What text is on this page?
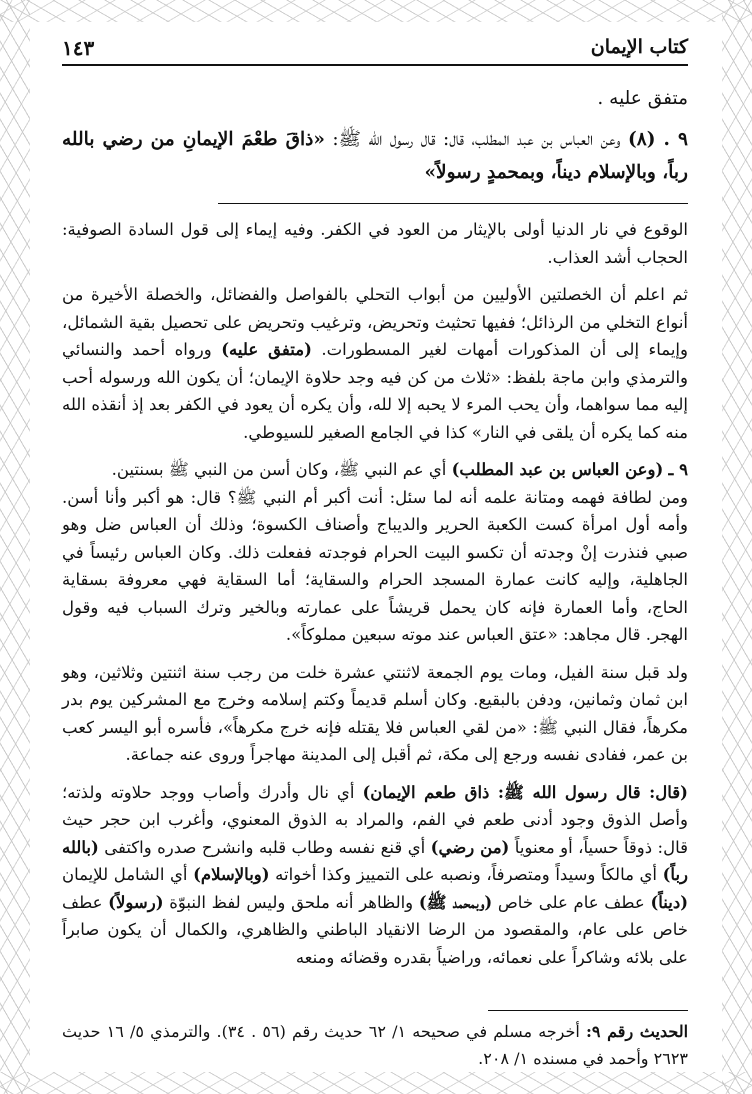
كتاب الإيمان
١٤٣

متفق عليه .

٩ . (٨) وعن العباس بن عبد المطلب، قال: قال رسول الله ﷺ: «ذاقَ طعْمَ الإيمانِ من رضي بالله رباً، وبالإسلام ديناً، وبمحمدٍ رسولاً»

الوقوع في نار الدنيا أولى بالإيثار من العود في الكفر. وفيه إيماء إلى قول السادة الصوفية: الحجاب أشد العذاب.

ثم اعلم أن الخصلتين الأوليين من أبواب التحلي بالفواصل والفضائل، والخصلة الأخيرة من أنواع التخلي من الرذائل؛ ففيها تحثيث وتحريض، وترغيب وتحريض على تحصيل بقية الشمائل، وإيماء إلى أن المذكورات أمهات لغير المسطورات. (متفق عليه) ورواه أحمد والنسائي والترمذي وابن ماجة بلفظ: «ثلاث من كن فيه وجد حلاوة الإيمان؛ أن يكون الله ورسوله أحب إليه مما سواهما، وأن يحب المرء لا يحبه إلا لله، وأن يكره أن يعود في الكفر بعد إذ أنقذه الله منه كما يكره أن يلقى في النار» كذا في الجامع الصغير للسيوطي.

٩ ـ (وعن العباس بن عبد المطلب) أي عم النبي ﷺ، وكان أسن من النبي ﷺ بسنتين.

ومن لطافة فهمه ومتانة علمه أنه لما سئل: أنت أكبر أم النبي ﷺ؟ قال: هو أكبر وأنا أسن. وأمه أول امرأة كست الكعبة الحرير والديباج وأصناف الكسوة؛ وذلك أن العباس ضل وهو صبي فنذرت إنْ وجدته أن تكسو البيت الحرام فوجدته ففعلت ذلك. وكان العباس رئيساً في الجاهلية، وإليه كانت عمارة المسجد الحرام والسقاية؛ أما السقاية فهي معروفة بسقاية الحاج، وأما العمارة فإنه كان يحمل قريشاً على عمارته وبالخير وترك السباب فيه وقول الهجر. قال مجاهد: «عتق العباس عند موته سبعين مملوكاً».

ولد قبل سنة الفيل، ومات يوم الجمعة لاثنتي عشرة خلت من رجب سنة اثنتين وثلاثين، وهو ابن ثمان وثمانين، ودفن بالبقيع. وكان أسلم قديماً وكتم إسلامه وخرج مع المشركين يوم بدر مكرهاً، فقال النبي ﷺ: «من لقي العباس فلا يقتله فإنه خرج مكرهاً»، فأسره أبو اليسر كعب بن عمر، ففادى نفسه ورجع إلى مكة، ثم أقبل إلى المدينة مهاجراً وروى عنه جماعة.

(قال: قال رسول الله ﷺ: ذاق طعم الإيمان) أي نال وأدرك وأصاب ووجد حلاوته ولذته؛ وأصل الذوق وجود أدنى طعم في الفم، والمراد به الذوق المعنوي، وأغرب ابن حجر حيث قال: ذوقاً حسياً، أو معنوياً (من رضي) أي قنع نفسه وطاب قلبه وانشرح صدره واكتفى (بالله رباً) أي مالكاً وسيداً ومتصرفاً، ونصبه على التمييز وكذا أخواته (وبالإسلام) أي الشامل للإيمان (ديناً) عطف عام على خاص (وبمحمد ﷺ) والظاهر أنه ملحق وليس لفظ النبوّة (رسولاً) عطف خاص على عام، والمقصود من الرضا الانقياد الباطني والظاهري، والكمال أن يكون صابراً على بلائه وشاكراً على نعمائه، وراضياً بقدره وقضائه ومنعه

الحديث رقم ٩: أخرجه مسلم في صحيحه ١/ ٦٢ حديث رقم (٥٦ . ٣٤). والترمذي ٥/ ١٦ حديث ٢٦٢٣ وأحمد في مسنده ١/ ٢٠٨.
